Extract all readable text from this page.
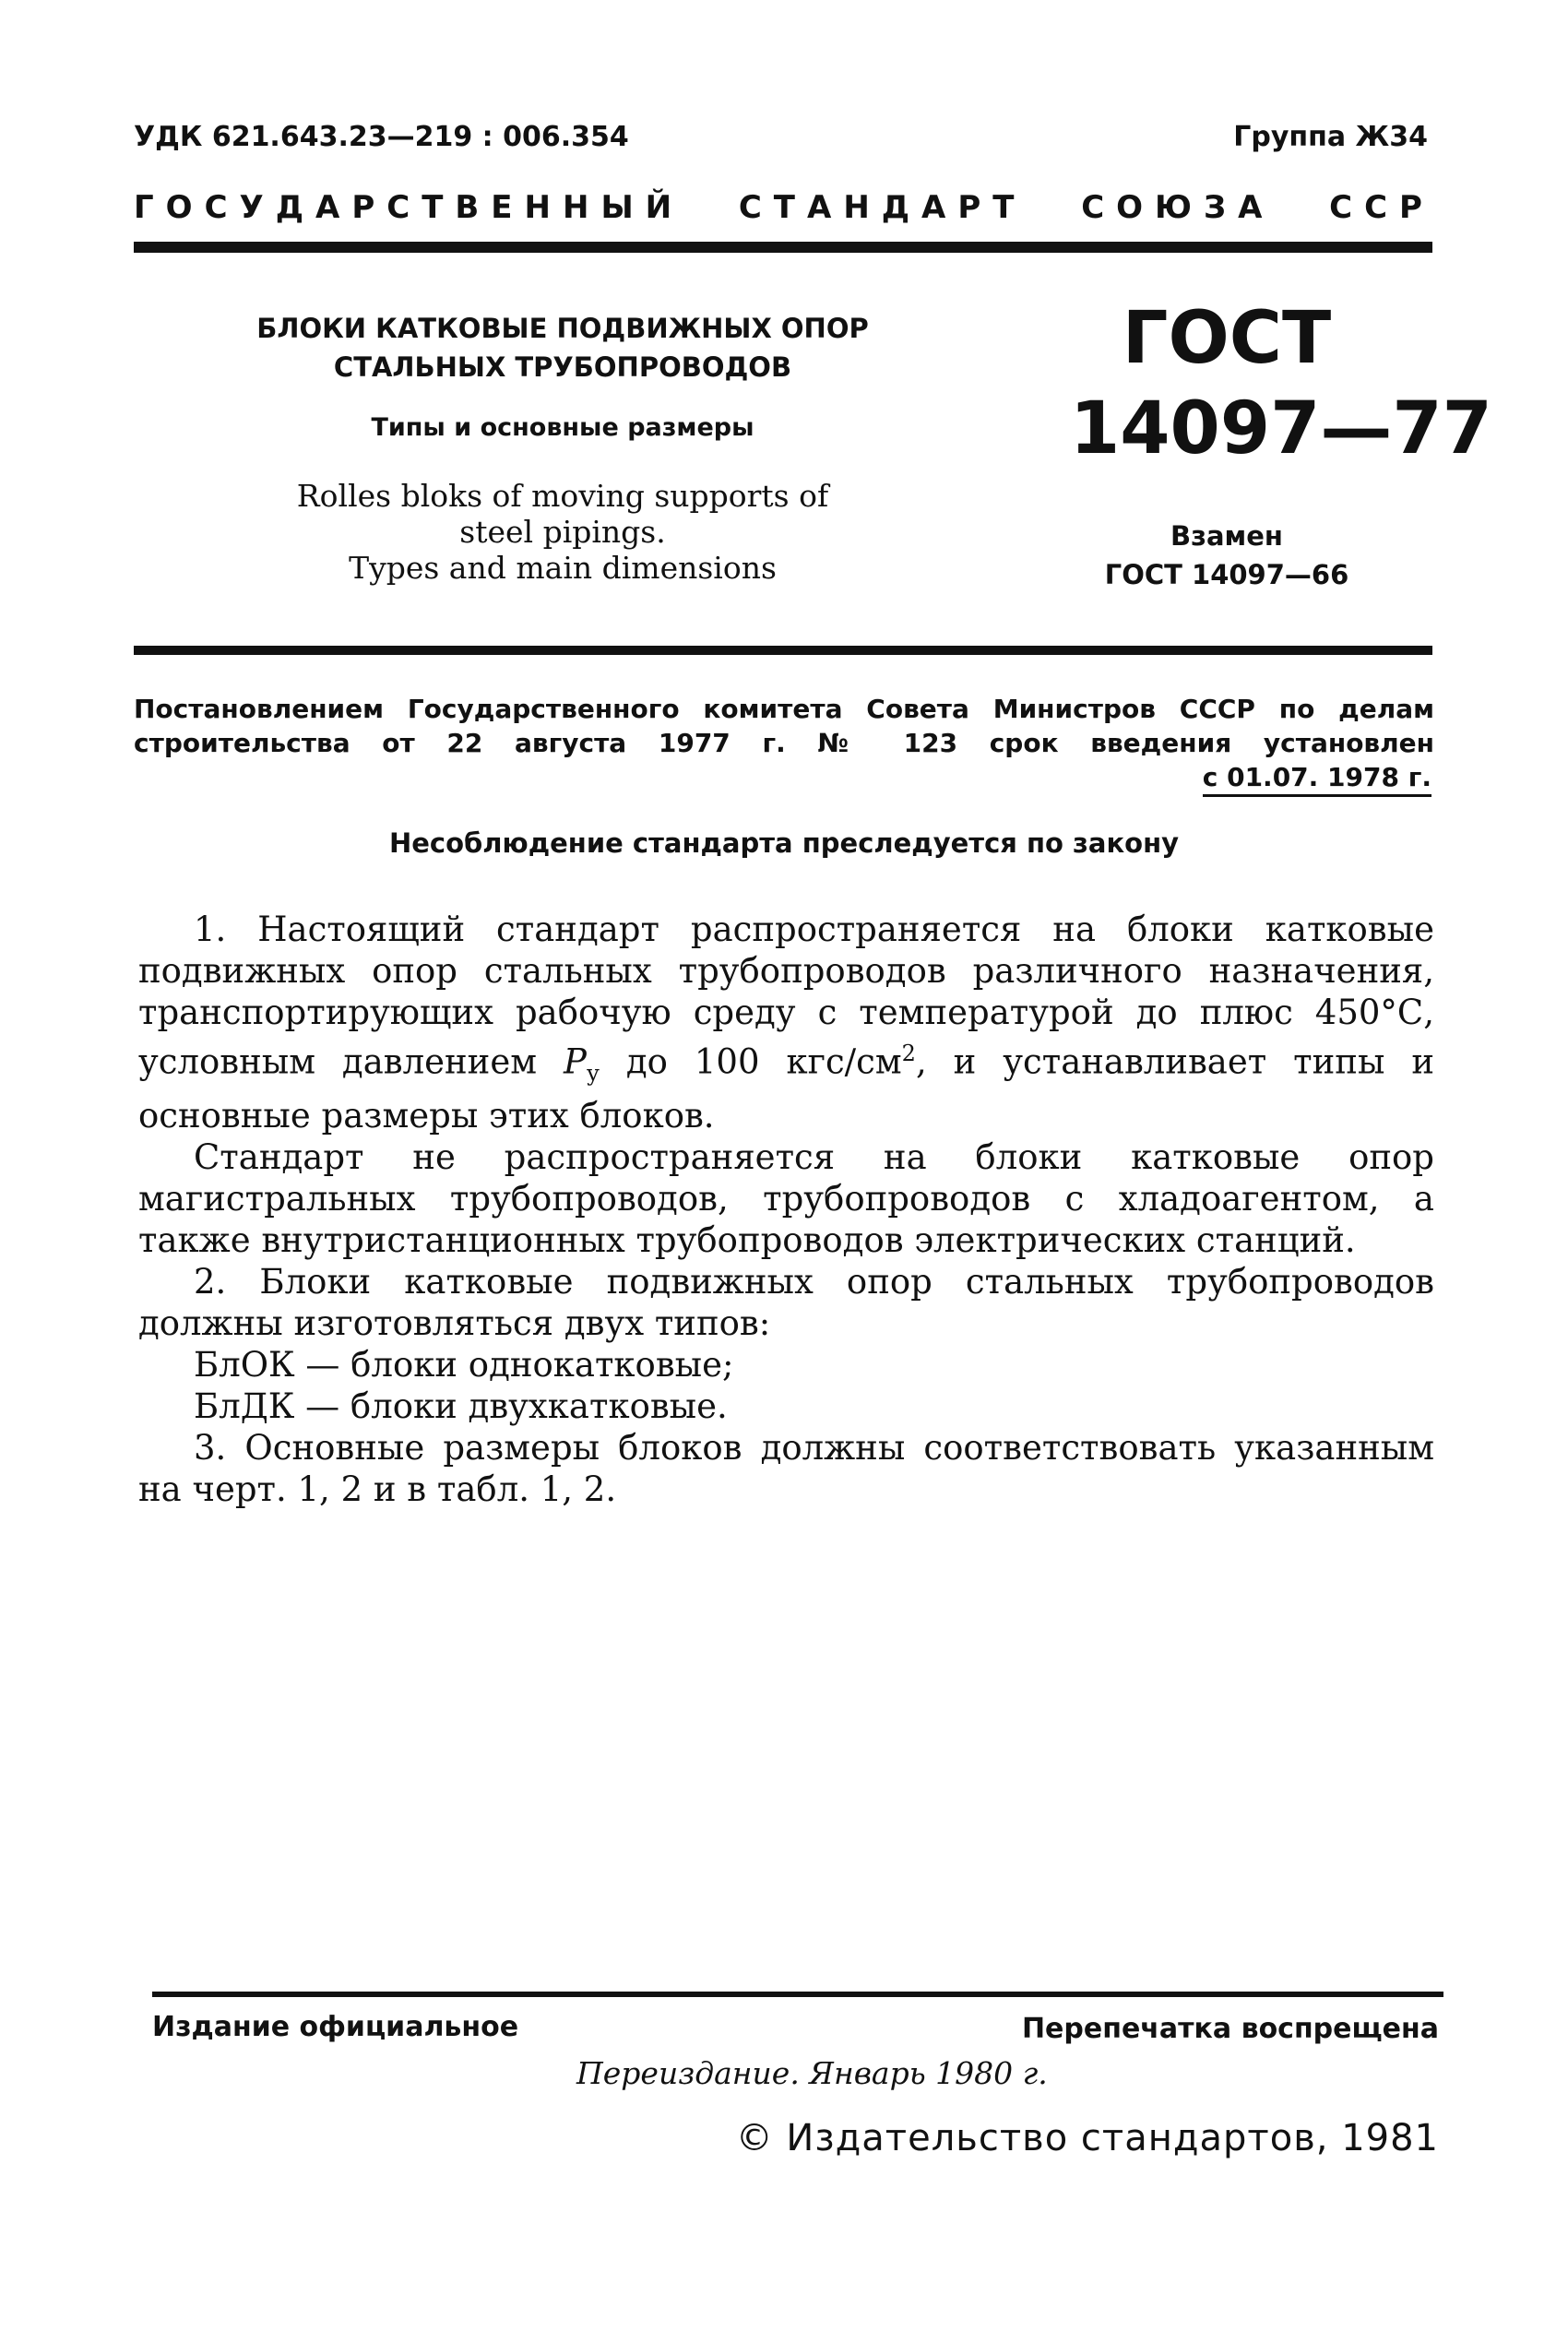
УДК 621.643.23—219 : 006.354	Группа Ж34
ГОСУДАРСТВЕННЫЙ СТАНДАРТ СОЮЗА ССР
БЛОКИ КАТКОВЫЕ ПОДВИЖНЫХ ОПОР
СТАЛЬНЫХ ТРУБОПРОВОДОВ
Типы и основные размеры
Rolles bloks of moving supports of
steel pipings.
Types and main dimensions
ГОСТ
14097—77
Взамен
ГОСТ 14097—66
Постановлением Государственного комитета Совета Министров СССР по делам строительства от 22 августа 1977 г. № 123 срок введения установлен
с 01.07. 1978 г.
Несоблюдение стандарта преследуется по закону

1. Настоящий стандарт распространяется на блоки катковые подвижных опор стальных трубопроводов различного назначения, транспортирующих рабочую среду с температурой до плюс 450°С, условным давлением $P_у$ до 100 кгс/$см^2$, и устанавливает типы и основные размеры этих блоков.

Стандарт не распространяется на блоки катковые опор магистральных трубопроводов, трубопроводов с хладоагентом, а также внутристанционных трубопроводов электрических станций.

2. Блоки катковые подвижных опор стальных трубопроводов должны изготовляться двух типов:

БлОК — блоки однокатковые;

БлДК — блоки двухкатковые.

3. Основные размеры блоков должны соответствовать указанным на черт. 1, 2 и в табл. 1, 2.

Издание официальное	Перепечатка воспрещена
Переиздание. Январь 1980 г.
© Издательство стандартов, 1981
